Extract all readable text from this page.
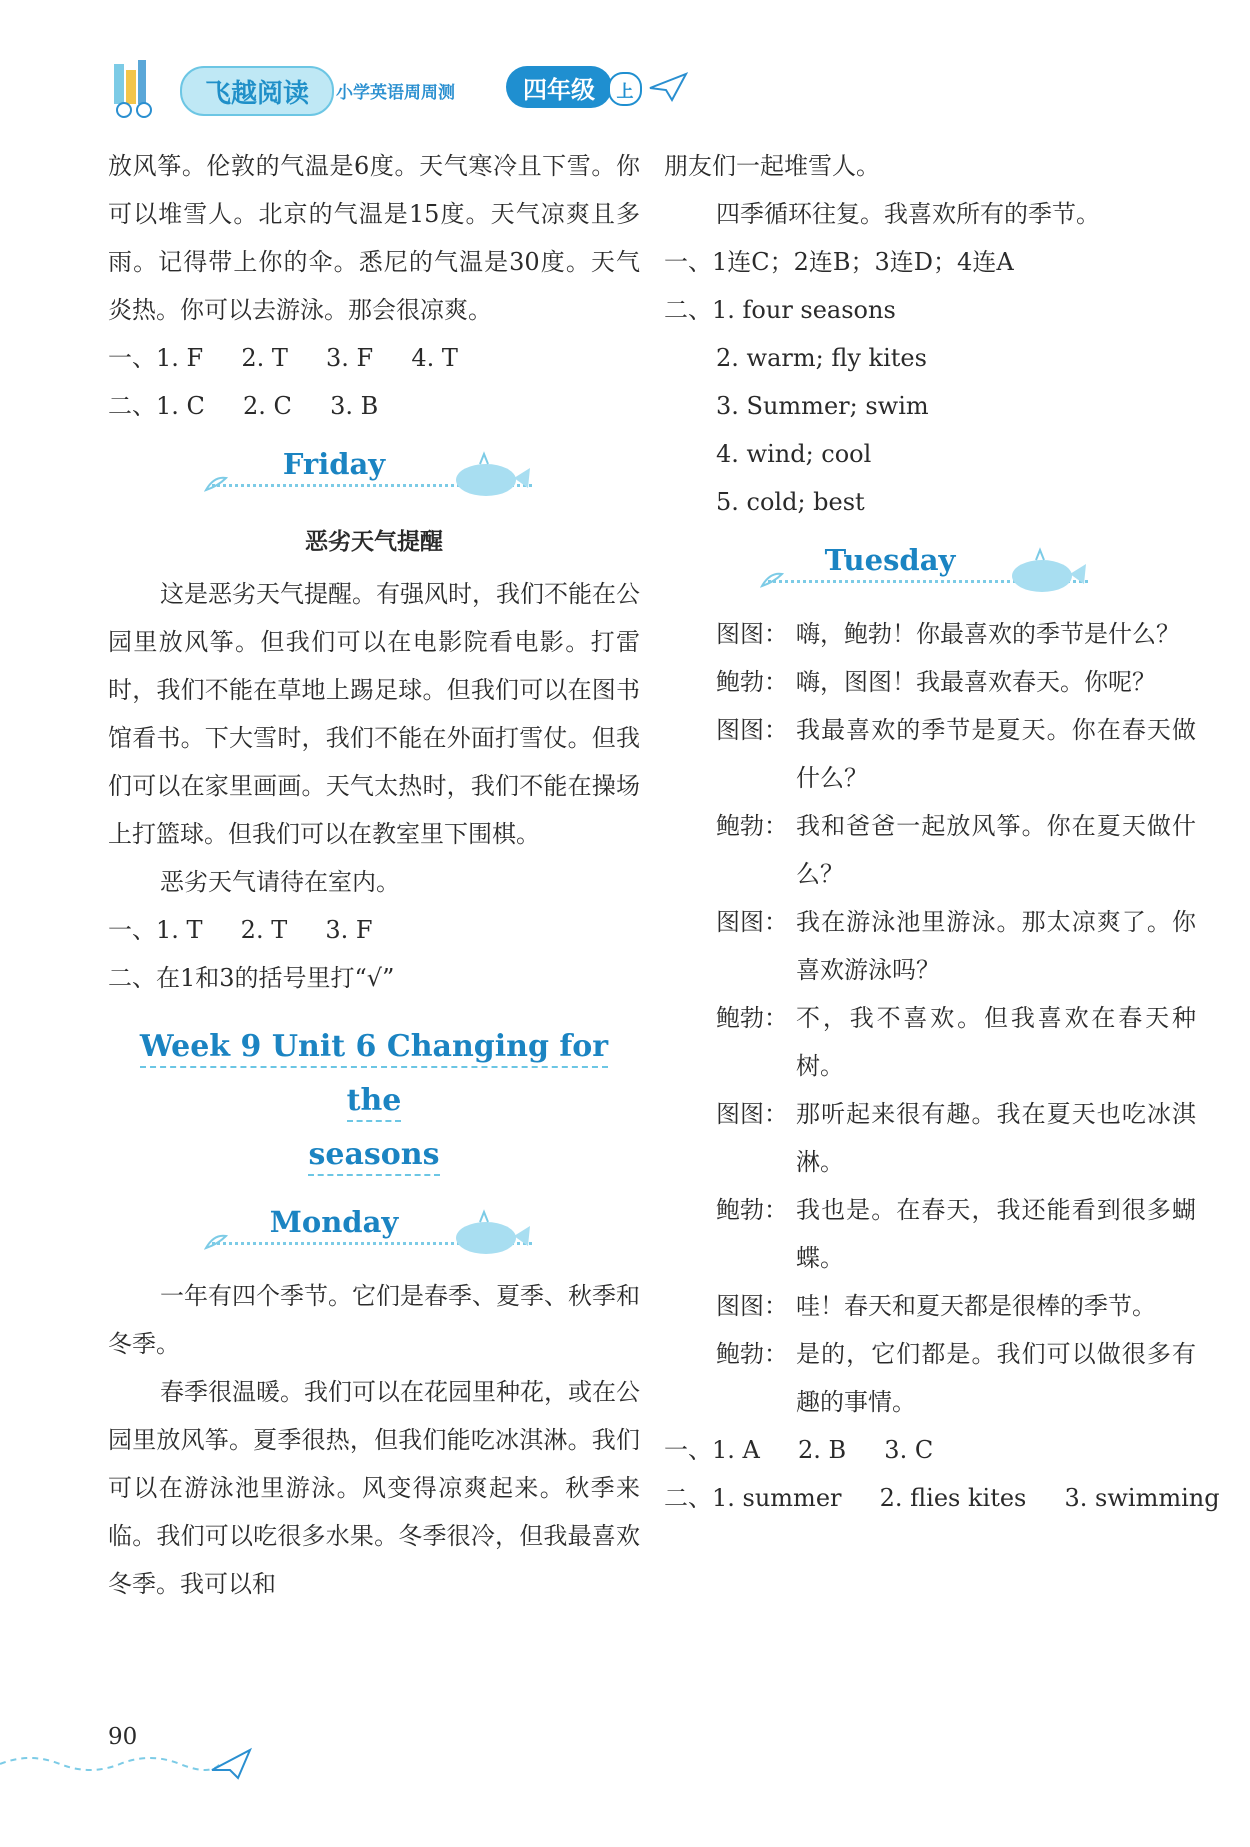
飞越阅读	小学英语周周测	四年级	上

放风筝。伦敦的气温是6度。天气寒冷且下雪。你可以堆雪人。北京的气温是15度。天气凉爽且多雨。记得带上你的伞。悉尼的气温是30度。天气炎热。你可以去游泳。那会很凉爽。

一、1. F     2. T     3. F     4. T

二、1. C     2. C     3. B

Friday

恶劣天气提醒

这是恶劣天气提醒。有强风时，我们不能在公园里放风筝。但我们可以在电影院看电影。打雷时，我们不能在草地上踢足球。但我们可以在图书馆看书。下大雪时，我们不能在外面打雪仗。但我们可以在家里画画。天气太热时，我们不能在操场上打篮球。但我们可以在教室里下围棋。

恶劣天气请待在室内。

一、1. T     2. T     3. F

二、在1和3的括号里打“√”

Week 9 Unit 6 Changing for the
seasons
Monday

一年有四个季节。它们是春季、夏季、秋季和冬季。

春季很温暖。我们可以在花园里种花，或在公园里放风筝。夏季很热，但我们能吃冰淇淋。我们可以在游泳池里游泳。风变得凉爽起来。秋季来临。我们可以吃很多水果。冬季很冷，但我最喜欢冬季。我可以和

朋友们一起堆雪人。

四季循环往复。我喜欢所有的季节。

一、1连C；2连B；3连D；4连A

二、1. four seasons

2. warm; fly kites

3. Summer; swim

4. wind; cool

5. cold; best

Tuesday
图图： 嗨，鲍勃！你最喜欢的季节是什么？
鲍勃： 嗨，图图！我最喜欢春天。你呢？
图图： 我最喜欢的季节是夏天。你在春天做什么？
鲍勃： 我和爸爸一起放风筝。你在夏天做什么？
图图： 我在游泳池里游泳。那太凉爽了。你喜欢游泳吗？
鲍勃： 不，我不喜欢。但我喜欢在春天种树。
图图： 那听起来很有趣。我在夏天也吃冰淇淋。
鲍勃： 我也是。在春天，我还能看到很多蝴蝶。
图图： 哇！春天和夏天都是很棒的季节。
鲍勃： 是的，它们都是。我们可以做很多有趣的事情。

一、1. A     2. B     3. C

二、1. summer     2. flies kites     3. swimming

90
